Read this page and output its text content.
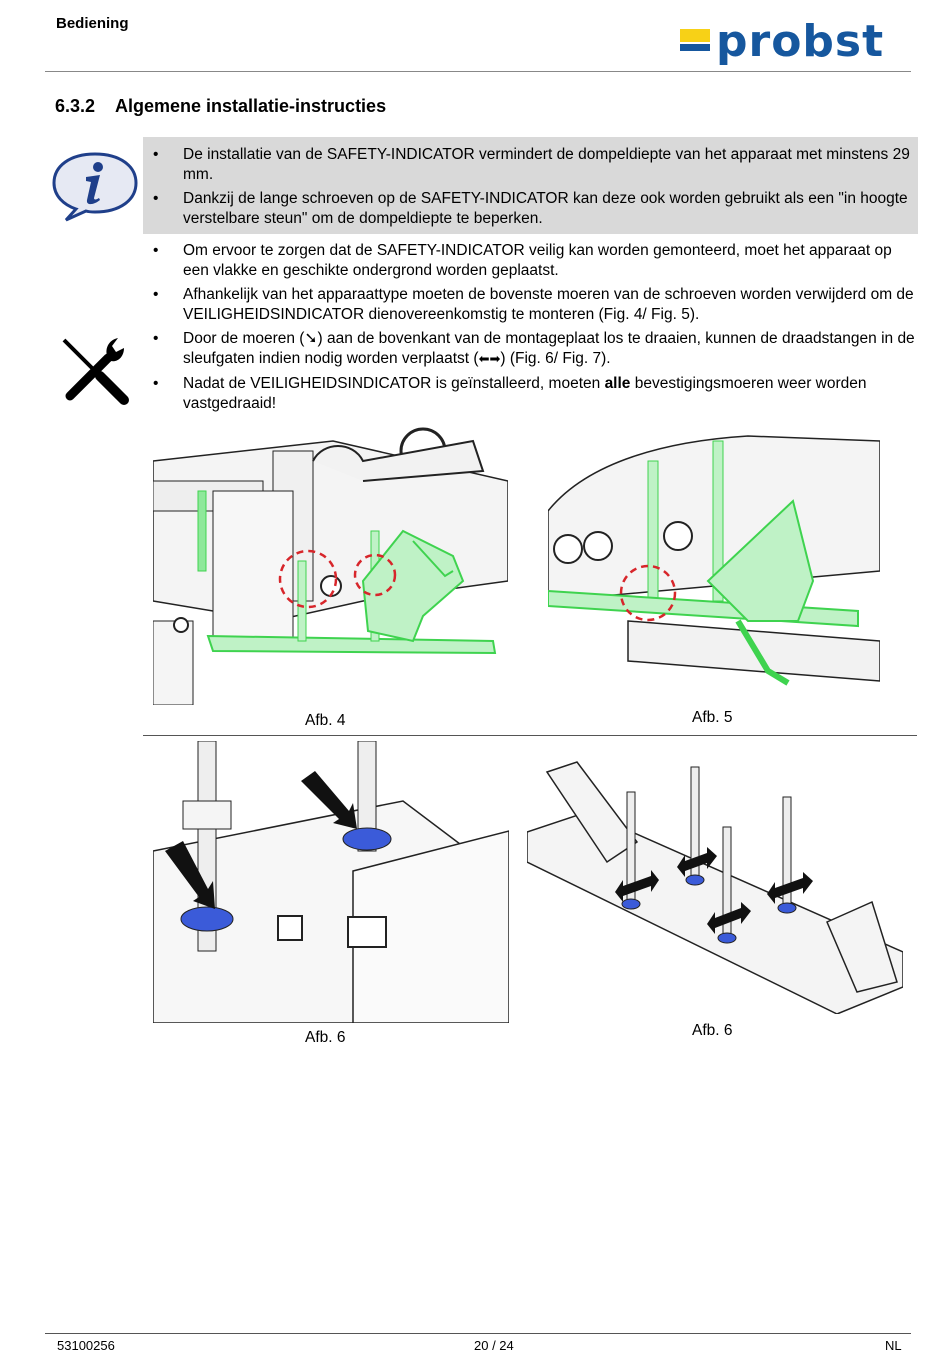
Bediening	probst
6.3.2 Algemene installatie-instructies
• De installatie van de SAFETY-INDICATOR vermindert de dompeldiepte van het apparaat met minstens 29 mm.
• Dankzij de lange schroeven op de SAFETY-INDICATOR kan deze ook worden gebruikt als een "in hoogte verstelbare steun" om de dompeldiepte te beperken.
• Om ervoor te zorgen dat de SAFETY-INDICATOR veilig kan worden gemonteerd, moet het apparaat op een vlakke en geschikte ondergrond worden geplaatst.
• Afhankelijk van het apparaattype moeten de bovenste moeren van de schroeven worden verwijderd om de VEILIGHEIDSINDICATOR dienovereenkomstig te monteren (Fig. 4/ Fig. 5).
• Door de moeren (➘) aan de bovenkant van de montageplaat los te draaien, kunnen de draadstangen in de sleufgaten indien nodig worden verplaatst (⬅➡) (Fig. 6/ Fig. 7).
• Nadat de VEILIGHEIDSINDICATOR is geïnstalleerd, moeten alle bevestigingsmoeren weer worden vastgedraaid!
Afb. 4	Afb. 5
Afb. 6	Afb. 6
53100256	20 / 24	NL
